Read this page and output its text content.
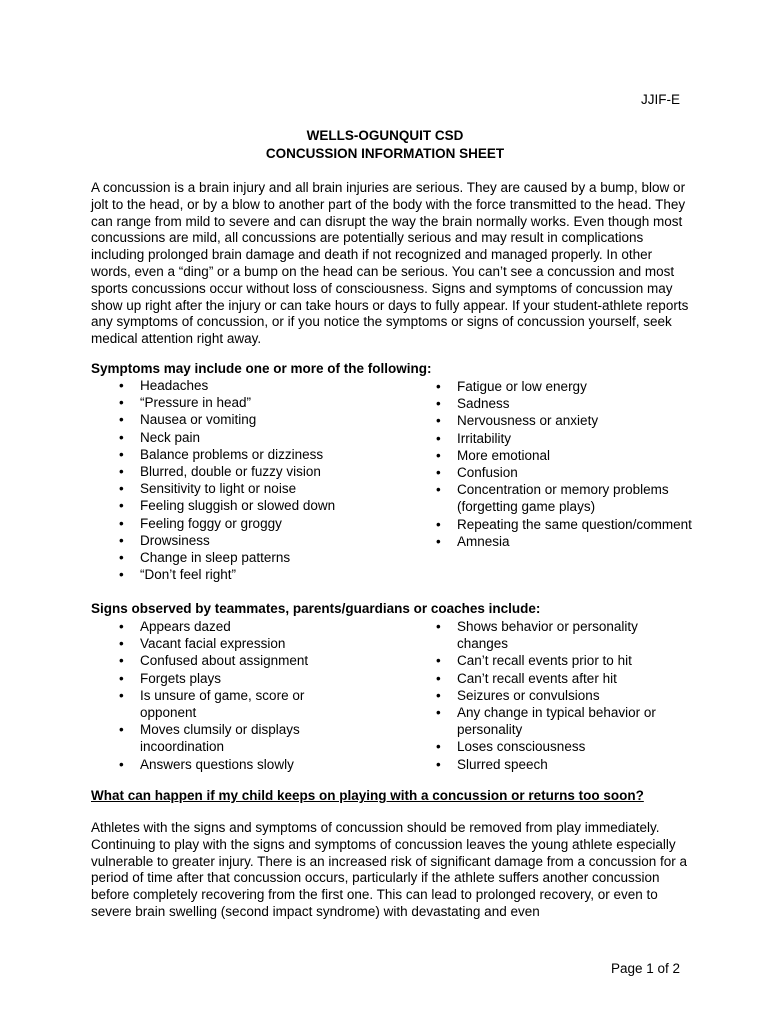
JJIF-E
WELLS-OGUNQUIT CSD
CONCUSSION INFORMATION SHEET
A concussion is a brain injury and all brain injuries are serious. They are caused by a bump, blow or jolt to the head, or by a blow to another part of the body with the force transmitted to the head. They can range from mild to severe and can disrupt the way the brain normally works. Even though most concussions are mild, all concussions are potentially serious and may result in complications including prolonged brain damage and death if not recognized and managed properly. In other words, even a “ding” or a bump on the head can be serious. You can’t see a concussion and most sports concussions occur without loss of consciousness. Signs and symptoms of concussion may show up right after the injury or can take hours or days to fully appear. If your student-athlete reports any symptoms of concussion, or if you notice the symptoms or signs of concussion yourself, seek medical attention right away.
Symptoms may include one or more of the following:
• Headaches
• “Pressure in head”
• Nausea or vomiting
• Neck pain
• Balance problems or dizziness
• Blurred, double or fuzzy vision
• Sensitivity to light or noise
• Feeling sluggish or slowed down
• Feeling foggy or groggy
• Drowsiness
• Change in sleep patterns
• “Don’t feel right”
• Fatigue or low energy
• Sadness
• Nervousness or anxiety
• Irritability
• More emotional
• Confusion
• Concentration or memory problems (forgetting game plays)
• Repeating the same question/comment
• Amnesia
Signs observed by teammates, parents/guardians or coaches include:
• Appears dazed
• Vacant facial expression
• Confused about assignment
• Forgets plays
• Is unsure of game, score or opponent
• Moves clumsily or displays incoordination
• Answers questions slowly
• Shows behavior or personality changes
• Can’t recall events prior to hit
• Can’t recall events after hit
• Seizures or convulsions
• Any change in typical behavior or personality
• Loses consciousness
• Slurred speech
What can happen if my child keeps on playing with a concussion or returns too soon?
Athletes with the signs and symptoms of concussion should be removed from play immediately. Continuing to play with the signs and symptoms of concussion leaves the young athlete especially vulnerable to greater injury. There is an increased risk of significant damage from a concussion for a period of time after that concussion occurs, particularly if the athlete suffers another concussion before completely recovering from the first one. This can lead to prolonged recovery, or even to severe brain swelling (second impact syndrome) with devastating and even
Page 1 of 2
